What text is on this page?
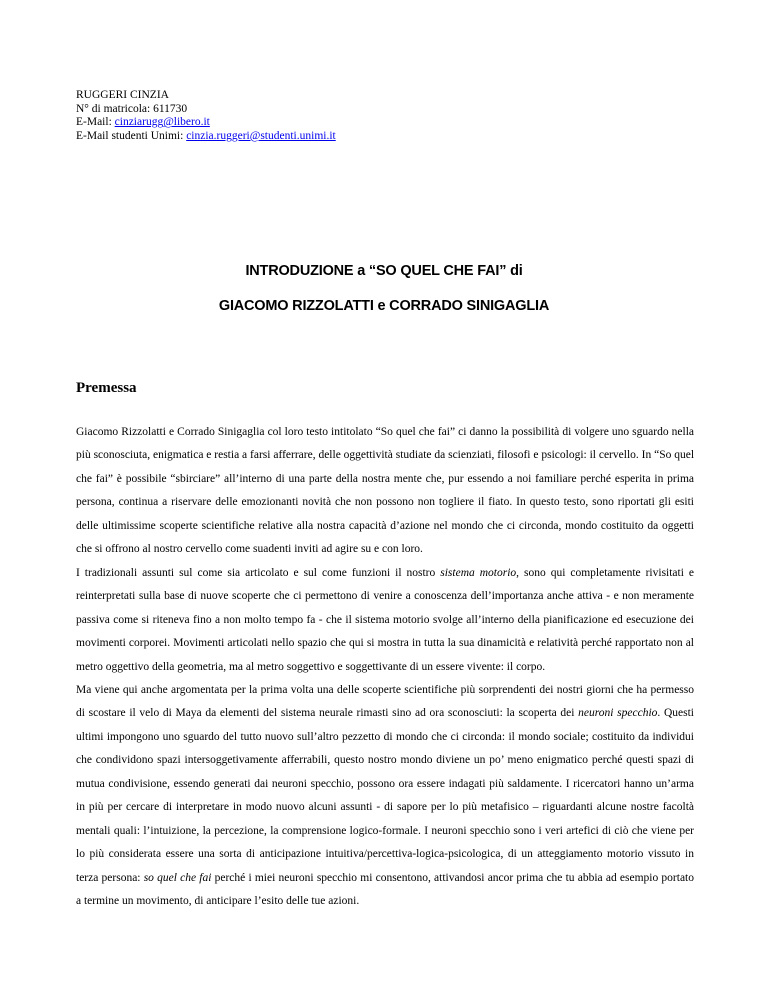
RUGGERI CINZIA
N° di matricola: 611730
E-Mail: cinziarugg@libero.it
E-Mail studenti Unimi: cinzia.ruggeri@studenti.unimi.it
INTRODUZIONE a “SO QUEL CHE FAI” di
GIACOMO RIZZOLATTI e CORRADO SINIGAGLIA
Premessa

Giacomo Rizzolatti e Corrado Sinigaglia col loro testo intitolato “So quel che fai” ci danno la possibilità di volgere uno sguardo nella più sconosciuta, enigmatica e restia a farsi afferrare, delle oggettività studiate da scienziati, filosofi e psicologi: il cervello. In “So quel che fai” è possibile “sbirciare” all’interno di una parte della nostra mente che, pur essendo a noi familiare perché esperita in prima persona, continua a riservare delle emozionanti novità che non possono non togliere il fiato. In questo testo, sono riportati gli esiti delle ultimissime scoperte scientifiche relative alla nostra capacità d’azione nel mondo che ci circonda, mondo costituito da oggetti che si offrono al nostro cervello come suadenti inviti ad agire su e con loro.

I tradizionali assunti sul come sia articolato e sul come funzioni il nostro sistema motorio, sono qui completamente rivisitati e reinterpretati sulla base di nuove scoperte che ci permettono di venire a conoscenza dell’importanza anche attiva - e non meramente passiva come si riteneva fino a non molto tempo fa - che il sistema motorio svolge all’interno della pianificazione ed esecuzione dei movimenti corporei. Movimenti articolati nello spazio che qui si mostra in tutta la sua dinamicità e relatività perché rapportato non al metro oggettivo della geometria, ma al metro soggettivo e soggettivante di un essere vivente: il corpo.

Ma viene qui anche argomentata per la prima volta una delle scoperte scientifiche più sorprendenti dei nostri giorni che ha permesso di scostare il velo di Maya da elementi del sistema neurale rimasti sino ad ora sconosciuti: la scoperta dei neuroni specchio. Questi ultimi impongono uno sguardo del tutto nuovo sull’altro pezzetto di mondo che ci circonda: il mondo sociale; costituito da individui che condividono spazi intersoggetivamente afferrabili, questo nostro mondo diviene un po’ meno enigmatico perché questi spazi di mutua condivisione, essendo generati dai neuroni specchio, possono ora essere indagati più saldamente. I ricercatori hanno un’arma in più per cercare di interpretare in modo nuovo alcuni assunti - di sapore per lo più metafisico – riguardanti alcune nostre facoltà mentali quali: l’intuizione, la percezione, la comprensione logico-formale. I neuroni specchio sono i veri artefici di ciò che viene per lo più considerata essere una sorta di anticipazione intuitiva/percettiva-logica-psicologica, di un atteggiamento motorio vissuto in terza persona: so quel che fai perché i miei neuroni specchio mi consentono, attivandosi ancor prima che tu abbia ad esempio portato a termine un movimento, di anticipare l’esito delle tue azioni.
